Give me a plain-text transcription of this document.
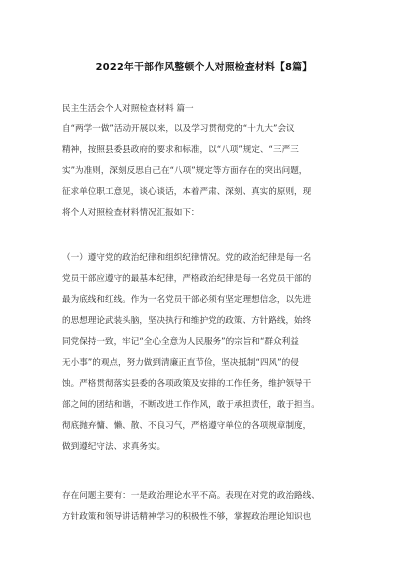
2022年干部作风整顿个人对照检查材料【8篇】
民主生活会个人对照检查材料 篇一
自“两学一做”活动开展以来，以及学习贯彻党的“十九大”会议
精神，按照县委县政府的要求和标准，以“八项”规定、“三严三
实”为准则，深刻反思自己在“八项”规定等方面存在的突出问题，
征求单位职工意见，谈心谈话，本着严肃、深刻、真实的原则，现
将个人对照检查材料情况汇报如下：
（一）遵守党的政治纪律和组织纪律情况。党的政治纪律是每一名
党员干部应遵守的最基本纪律，严格政治纪律是每一名党员干部的
最为底线和红线。作为一名党员干部必须有坚定理想信念，以先进
的思想理论武装头脑，坚决执行和维护党的政策、方针路线，始终
同党保持一致，牢记“全心全意为人民服务”的宗旨和“群众利益
无小事”的观点，努力做到清廉正直节俭，坚决抵制“四风”的侵
蚀。严格贯彻落实县委的各项政策及安排的工作任务，维护领导干
部之间的团结和谐，不断改进工作作风，敢于承担责任，敢于担当。
彻底抛弃慵、懒、散、不良习气，严格遵守单位的各项规章制度，
做到遵纪守法、求真务实。
存在问题主要有：一是政治理论水平不高。表现在对党的政治路线、
方针政策和领导讲话精神学习的积极性不够，掌握政治理论知识也
